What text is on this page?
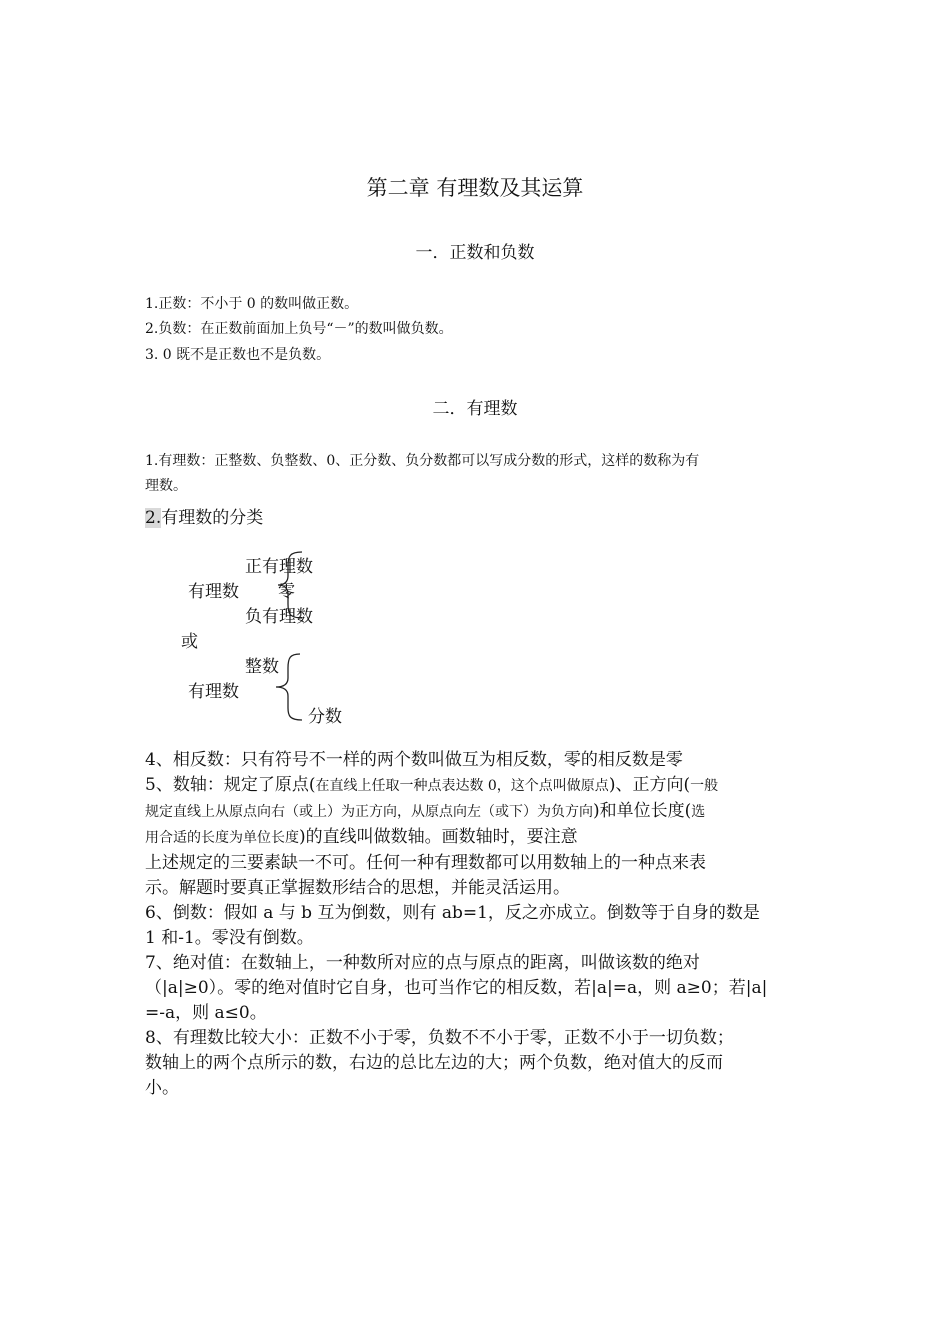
第二章 有理数及其运算
一．正数和负数
1.正数：不小于 0 的数叫做正数。
2.负数：在正数前面加上负号“－”的数叫做负数。
3. 0 既不是正数也不是负数。
二．有理数
1.有理数：正整数、负整数、0、正分数、负分数都可以写成分数的形式，这样的数称为有
理数。
2.有理数的分类
正有理数
有理数 零
负有理数
或
整数
有理数
分数
4、相反数：只有符号不一样的两个数叫做互为相反数，零的相反数是零
5、数轴：规定了原点(在直线上任取一种点表达数 0，这个点叫做原点)、正方向(一般
规定直线上从原点向右（或上）为正方向，从原点向左（或下）为负方向)和单位长度(选
用合适的长度为单位长度)的直线叫做数轴。画数轴时，要注意
上述规定的三要素缺一不可。任何一种有理数都可以用数轴上的一种点来表
示。解题时要真正掌握数形结合的思想，并能灵活运用。
6、倒数：假如 a 与 b 互为倒数，则有 ab=1，反之亦成立。倒数等于自身的数是
1 和-1。零没有倒数。
7、绝对值：在数轴上，一种数所对应的点与原点的距离，叫做该数的绝对
（|a|≥0）。零的绝对值时它自身，也可当作它的相反数，若|a|=a，则 a≥0；若|a|
=-a，则 a≤0。
8、有理数比较大小：正数不小于零，负数不不小于零，正数不小于一切负数；
数轴上的两个点所示的数，右边的总比左边的大；两个负数，绝对值大的反而
小。
